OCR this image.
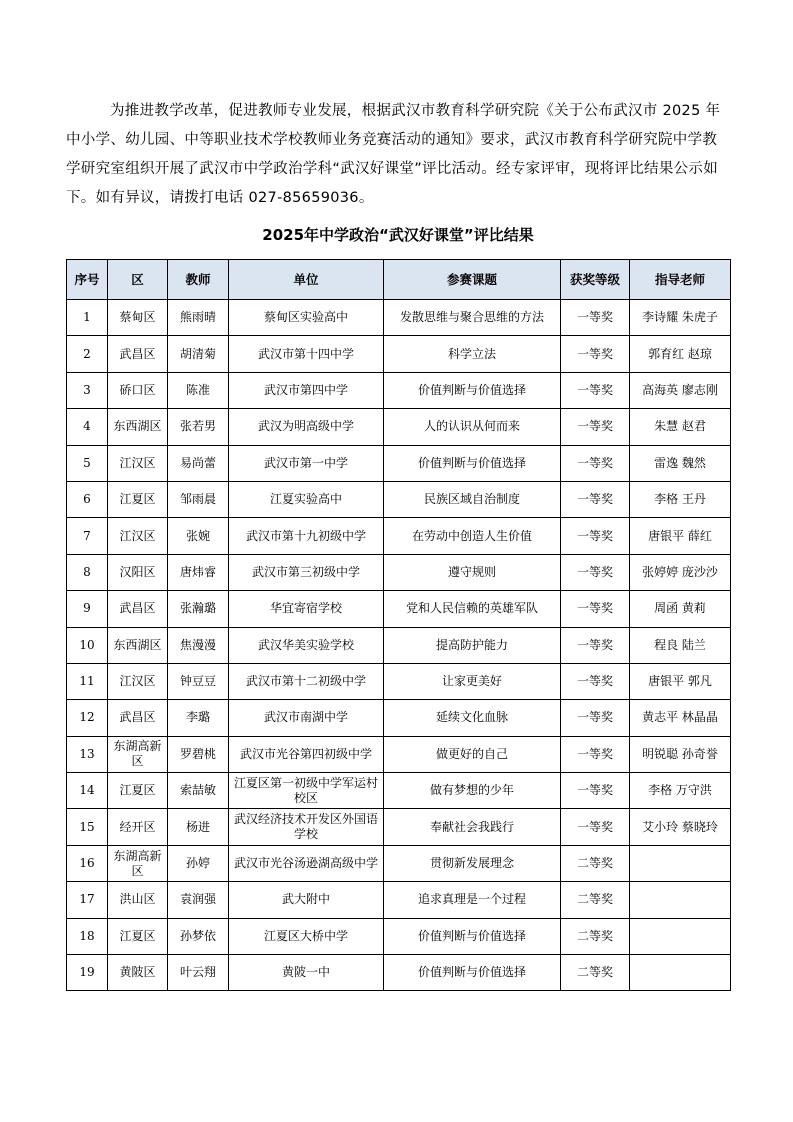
为推进教学改革，促进教师专业发展，根据武汉市教育科学研究院《关于公布武汉市 2025 年中小学、幼儿园、中等职业技术学校教师业务竞赛活动的通知》要求，武汉市教育科学研究院中学教学研究室组织开展了武汉市中学政治学科“武汉好课堂”评比活动。经专家评审，现将评比结果公示如下。如有异议，请拨打电话 027-85659036。

2025年中学政治“武汉好课堂”评比结果
序号	区	教师	单位	参赛课题	获奖等级	指导老师
1	蔡甸区	熊雨晴	蔡甸区实验高中	发散思维与聚合思维的方法	一等奖	李诗耀 朱虎子
2	武昌区	胡清菊	武汉市第十四中学	科学立法	一等奖	郭育红 赵琼
3	硚口区	陈准	武汉市第四中学	价值判断与价值选择	一等奖	高海英 廖志刚
4	东西湖区	张若男	武汉为明高级中学	人的认识从何而来	一等奖	朱慧 赵君
5	江汉区	易尚蕾	武汉市第一中学	价值判断与价值选择	一等奖	雷逸 魏然
6	江夏区	邹雨晨	江夏实验高中	民族区域自治制度	一等奖	李格 王丹
7	江汉区	张婉	武汉市第十九初级中学	在劳动中创造人生价值	一等奖	唐银平 薛红
8	汉阳区	唐炜睿	武汉市第三初级中学	遵守规则	一等奖	张婷婷 庞沙沙
9	武昌区	张瀚璐	华宜寄宿学校	党和人民信赖的英雄军队	一等奖	周函 黄莉
10	东西湖区	焦漫漫	武汉华美实验学校	提高防护能力	一等奖	程良 陆兰
11	江汉区	钟豆豆	武汉市第十二初级中学	让家更美好	一等奖	唐银平 郭凡
12	武昌区	李璐	武汉市南湖中学	延续文化血脉	一等奖	黄志平 林晶晶
13	东湖高新区	罗碧桃	武汉市光谷第四初级中学	做更好的自己	一等奖	明锐聪 孙奇誉
14	江夏区	索喆敏	江夏区第一初级中学军运村校区	做有梦想的少年	一等奖	李格 万守洪
15	经开区	杨进	武汉经济技术开发区外国语学校	奉献社会我践行	一等奖	艾小玲 蔡晓玲
16	东湖高新区	孙婷	武汉市光谷汤逊湖高级中学	贯彻新发展理念	二等奖	
17	洪山区	袁润强	武大附中	追求真理是一个过程	二等奖	
18	江夏区	孙梦依	江夏区大桥中学	价值判断与价值选择	二等奖	
19	黄陂区	叶云翔	黄陂一中	价值判断与价值选择	二等奖	
